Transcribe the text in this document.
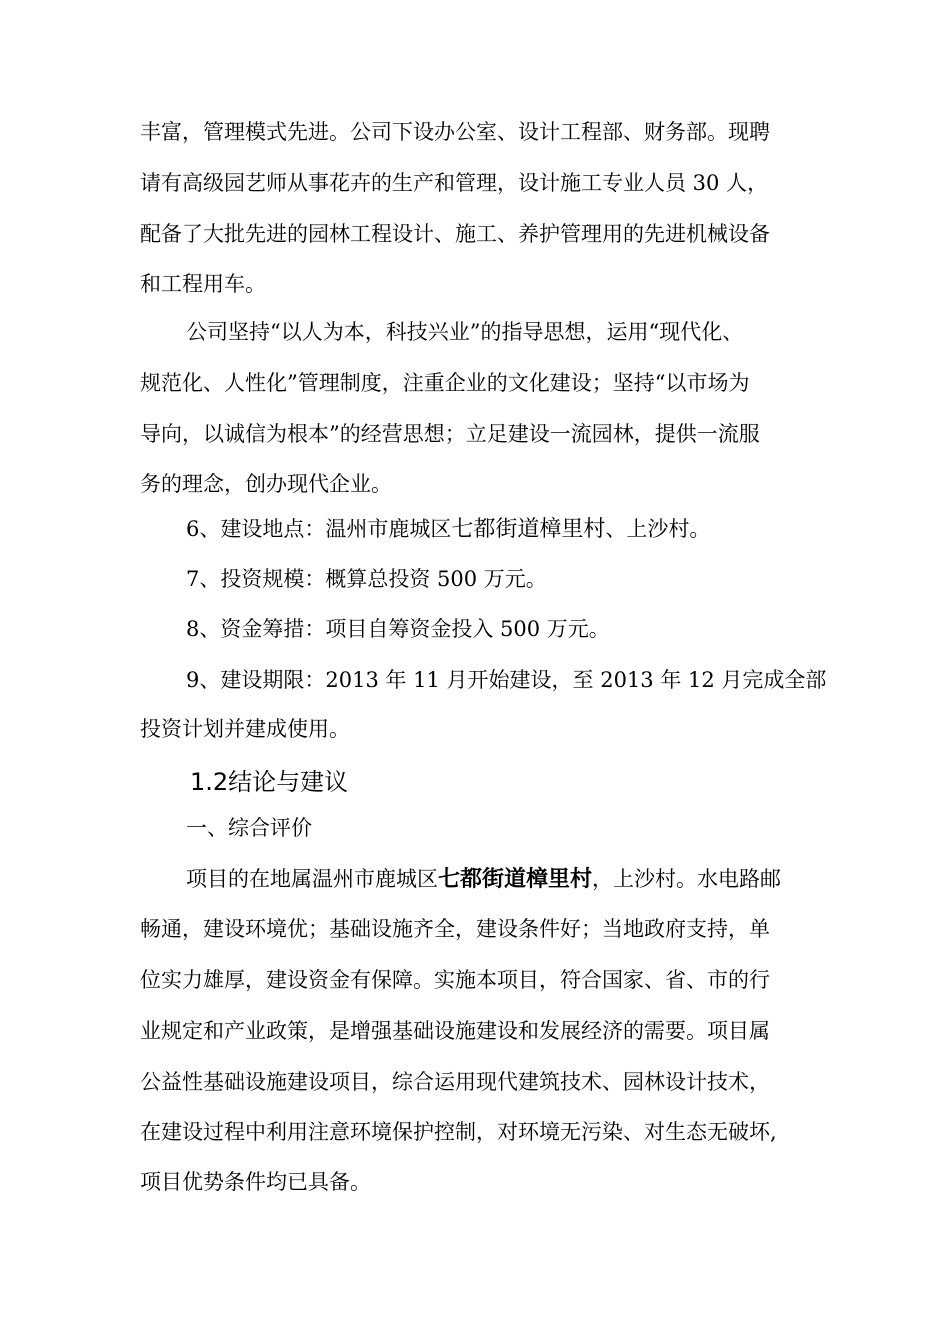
丰富，管理模式先进。公司下设办公室、设计工程部、财务部。现聘
请有高级园艺师从事花卉的生产和管理，设计施工专业人员 30 人，
配备了大批先进的园林工程设计、施工、养护管理用的先进机械设备
和工程用车。
公司坚持“以人为本，科技兴业”的指导思想，运用“现代化、
规范化、人性化”管理制度，注重企业的文化建设；坚持“以市场为
导向，以诚信为根本”的经营思想；立足建设一流园林，提供一流服
务的理念，创办现代企业。
6、建设地点：温州市鹿城区七都街道樟里村、上沙村。
7、投资规模：概算总投资 500 万元。
8、资金筹措：项目自筹资金投入 500 万元。
9、建设期限：2013 年 11 月开始建设，至 2013 年 12 月完成全部
投资计划并建成使用。
1.2结论与建议
一、综合评价
项目的在地属温州市鹿城区七都街道樟里村，上沙村。水电路邮
畅通，建设环境优；基础设施齐全，建设条件好；当地政府支持，单
位实力雄厚，建设资金有保障。实施本项目，符合国家、省、市的行
业规定和产业政策，是增强基础设施建设和发展经济的需要。项目属
公益性基础设施建设项目，综合运用现代建筑技术、园林设计技术，
在建设过程中利用注意环境保护控制，对环境无污染、对生态无破坏,
项目优势条件均已具备。
